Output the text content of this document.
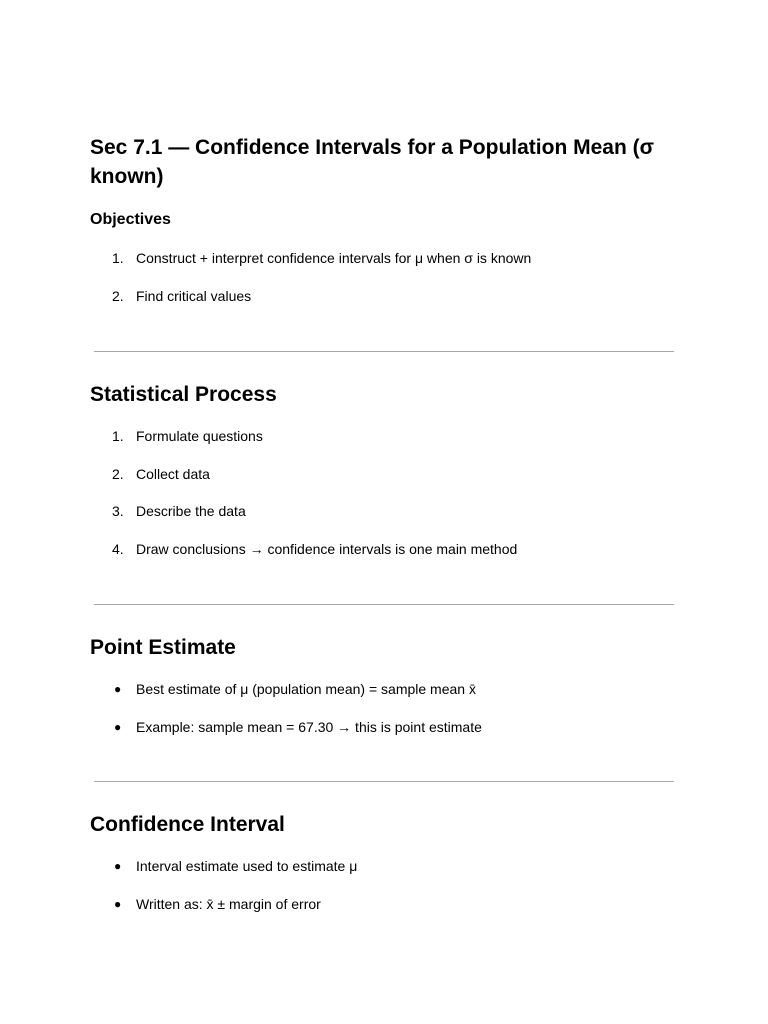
Sec 7.1 — Confidence Intervals for a Population Mean (σ known)
Objectives
1. Construct + interpret confidence intervals for μ when σ is known
2. Find critical values
Statistical Process
1. Formulate questions
2. Collect data
3. Describe the data
4. Draw conclusions → confidence intervals is one main method
Point Estimate
● Best estimate of μ (population mean) = sample mean x̄
● Example: sample mean = 67.30 → this is point estimate
Confidence Interval
● Interval estimate used to estimate μ
● Written as: x̄ ± margin of error
